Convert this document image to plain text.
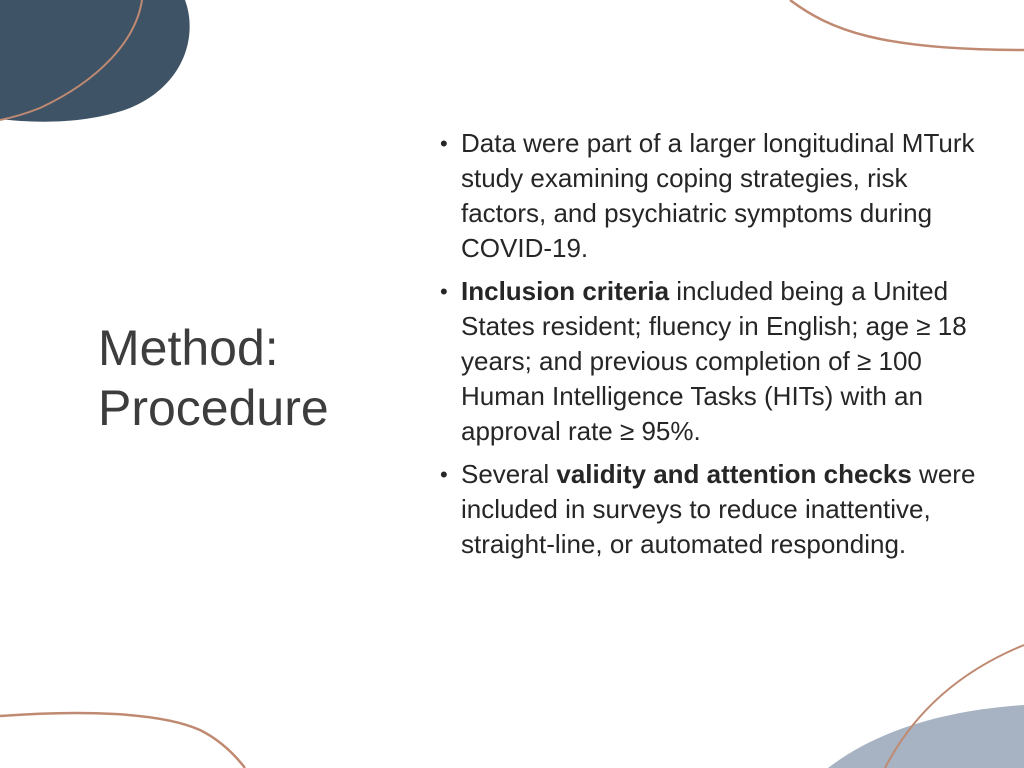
Method:
Procedure
• Data were part of a larger longitudinal MTurk study examining coping strategies, risk factors, and psychiatric symptoms during COVID-19.
• Inclusion criteria included being a United States resident; fluency in English; age ≥ 18 years; and previous completion of ≥ 100 Human Intelligence Tasks (HITs) with an approval rate ≥ 95%.
• Several validity and attention checks were included in surveys to reduce inattentive, straight-line, or automated responding.
